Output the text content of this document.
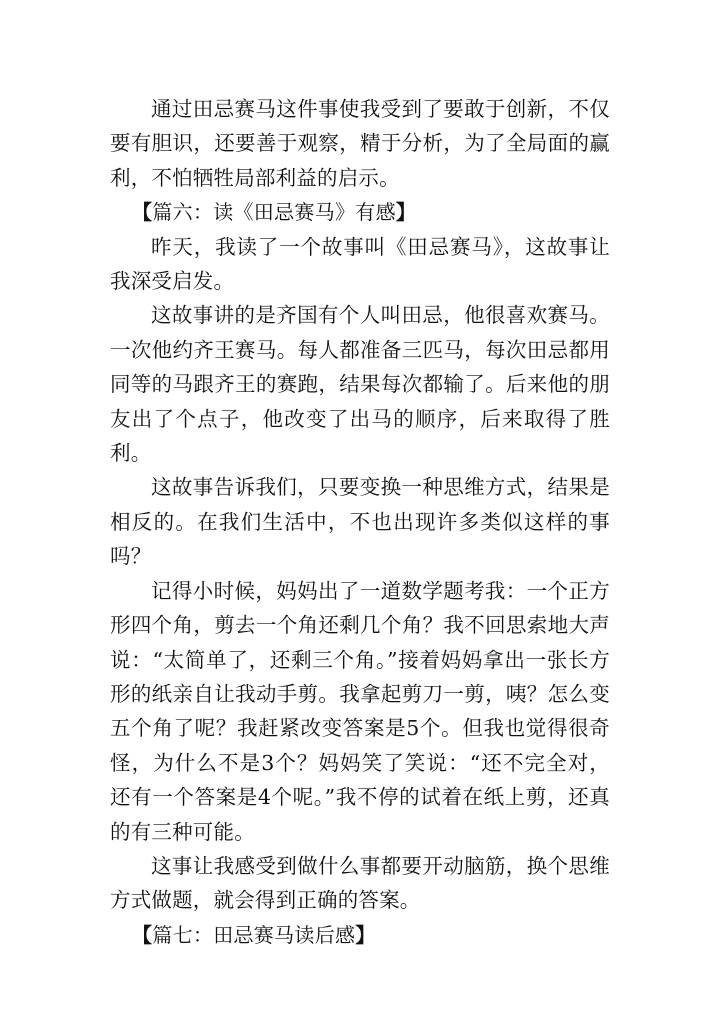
通过田忌赛马这件事使我受到了要敢于创新，不仅要有胆识，还要善于观察，精于分析，为了全局面的赢利，不怕牺牲局部利益的启示。

【篇六：读《田忌赛马》有感】

昨天，我读了一个故事叫《田忌赛马》，这故事让我深受启发。

这故事讲的是齐国有个人叫田忌，他很喜欢赛马。一次他约齐王赛马。每人都准备三匹马，每次田忌都用同等的马跟齐王的赛跑，结果每次都输了。后来他的朋友出了个点子，他改变了出马的顺序，后来取得了胜利。

这故事告诉我们，只要变换一种思维方式，结果是相反的。在我们生活中，不也出现许多类似这样的事吗？

记得小时候，妈妈出了一道数学题考我：一个正方形四个角，剪去一个角还剩几个角？我不回思索地大声说：“太简单了，还剩三个角。”接着妈妈拿出一张长方形的纸亲自让我动手剪。我拿起剪刀一剪，咦？怎么变五个角了呢？我赶紧改变答案是5个。但我也觉得很奇怪，为什么不是3个？妈妈笑了笑说：“还不完全对，还有一个答案是4个呢。”我不停的试着在纸上剪，还真的有三种可能。

这事让我感受到做什么事都要开动脑筋，换个思维方式做题，就会得到正确的答案。

【篇七：田忌赛马读后感】
